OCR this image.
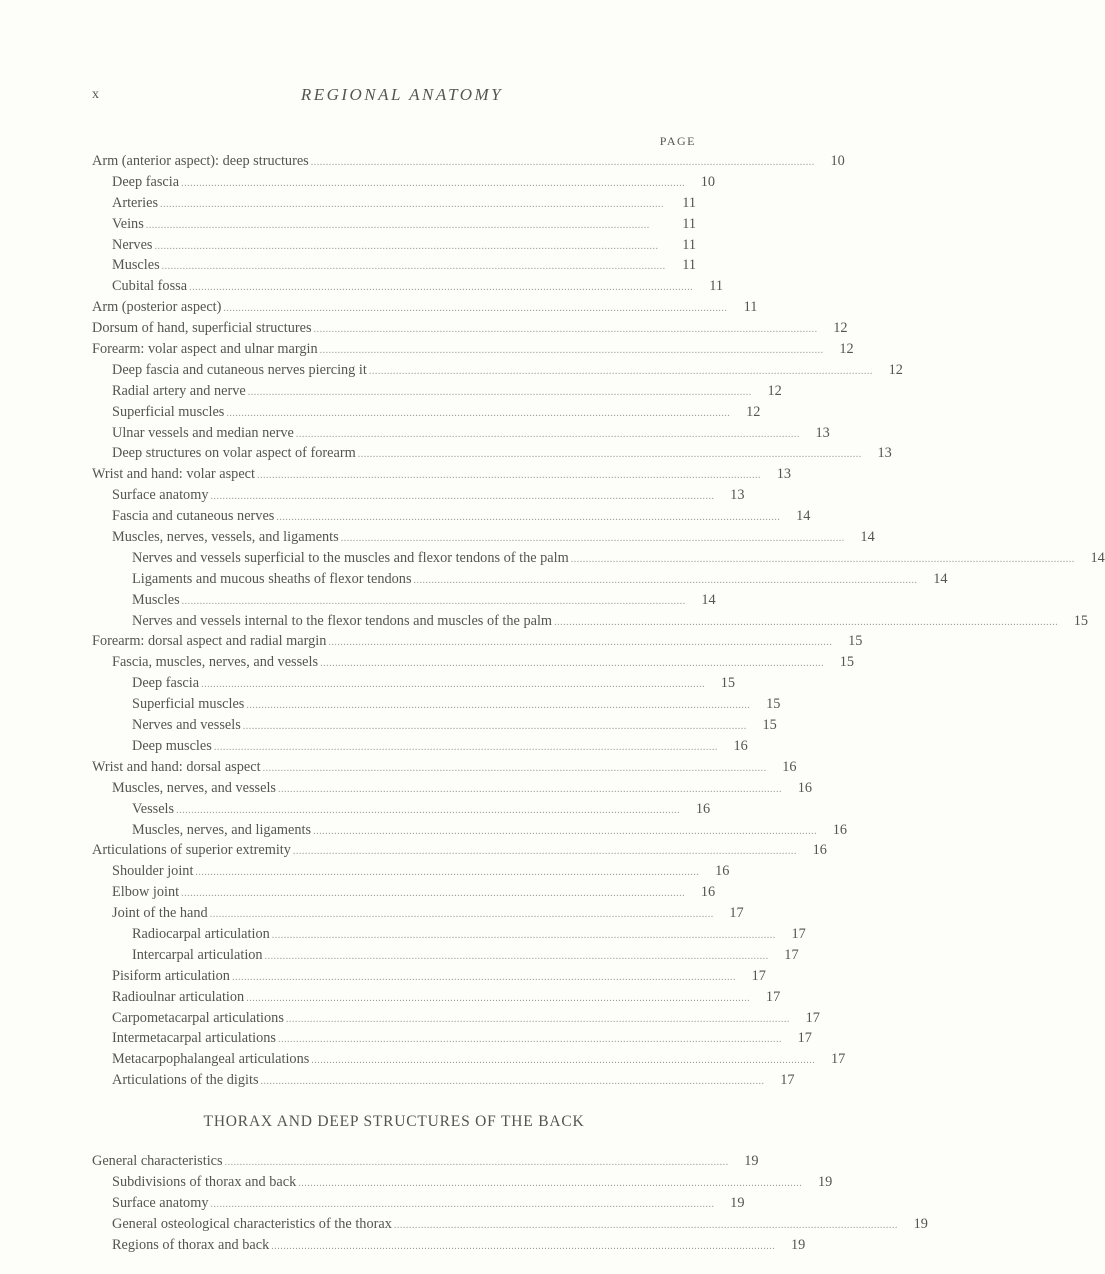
x	REGIONAL ANATOMY
PAGE
Arm (anterior aspect): deep structures .....	10
Deep fascia .....	10
Arteries .....	11
Veins .....	11
Nerves .....	11
Muscles .....	11
Cubital fossa .....	11
Arm (posterior aspect) .....	11
Dorsum of hand, superficial structures .....	12
Forearm: volar aspect and ulnar margin .....	12
Deep fascia and cutaneous nerves piercing it .....	12
Radial artery and nerve .....	12
Superficial muscles .....	12
Ulnar vessels and median nerve .....	13
Deep structures on volar aspect of forearm .....	13
Wrist and hand: volar aspect .....	13
Surface anatomy .....	13
Fascia and cutaneous nerves .....	14
Muscles, nerves, vessels, and ligaments .....	14
Nerves and vessels superficial to the muscles and flexor tendons of the palm .....	14
Ligaments and mucous sheaths of flexor tendons .....	14
Muscles .....	14
Nerves and vessels internal to the flexor tendons and muscles of the palm .....	15
Forearm: dorsal aspect and radial margin .....	15
Fascia, muscles, nerves, and vessels .....	15
Deep fascia .....	15
Superficial muscles .....	15
Nerves and vessels .....	15
Deep muscles .....	16
Wrist and hand: dorsal aspect .....	16
Muscles, nerves, and vessels .....	16
Vessels .....	16
Muscles, nerves, and ligaments .....	16
Articulations of superior extremity .....	16
Shoulder joint .....	16
Elbow joint .....	16
Joint of the hand .....	17
Radiocarpal articulation .....	17
Intercarpal articulation .....	17
Pisiform articulation .....	17
Radioulnar articulation .....	17
Carpometacarpal articulations .....	17
Intermetacarpal articulations .....	17
Metacarpophalangeal articulations .....	17
Articulations of the digits .....	17
THORAX AND DEEP STRUCTURES OF THE BACK
General characteristics .....	19
Subdivisions of thorax and back .....	19
Surface anatomy .....	19
General osteological characteristics of the thorax .....	19
Regions of thorax and back .....	19
